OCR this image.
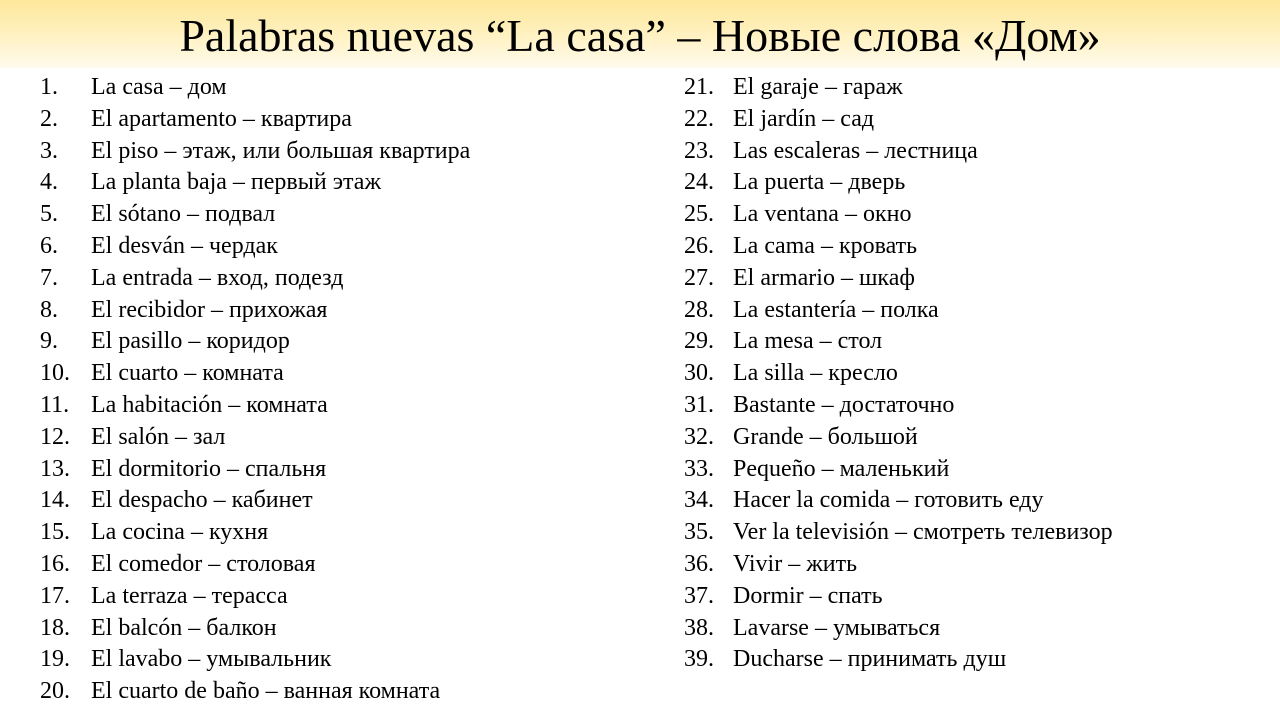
Palabras nuevas “La casa” – Новые слова «Дом»
1.	La casa – дом
2.	El apartamento – квартира
3.	El piso – этаж, или большая квартира
4.	La planta baja – первый этаж
5.	El sótano – подвал
6.	El desván – чердак
7.	La entrada – вход, подезд
8.	El recibidor – прихожая
9.	El pasillo – коридор
10. El cuarto – комната
11. La habitación – комната
12. El salón – зал
13. El dormitorio – спальня
14. El despacho – кабинет
15. La cocina – кухня
16. El comedor – столовая
17. La terraza – терасса
18. El balcón – балкон
19. El lavabo – умывальник
20. El cuarto de baño – ванная комната
21. El garaje – гараж
22. El jardín – сад
23. Las escaleras – лестница
24. La puerta – дверь
25. La ventana – окно
26. La cama – кровать
27. El armario – шкаф
28. La estantería – полка
29. La mesa – стол
30. La silla – кресло
31. Bastante – достаточно
32. Grande – большой
33. Pequeño – маленький
34. Hacer la comida – готовить еду
35. Ver la televisión – смотреть телевизор
36. Vivir – жить
37. Dormir – спать
38. Lavarse – умываться
39. Ducharse – принимать душ
